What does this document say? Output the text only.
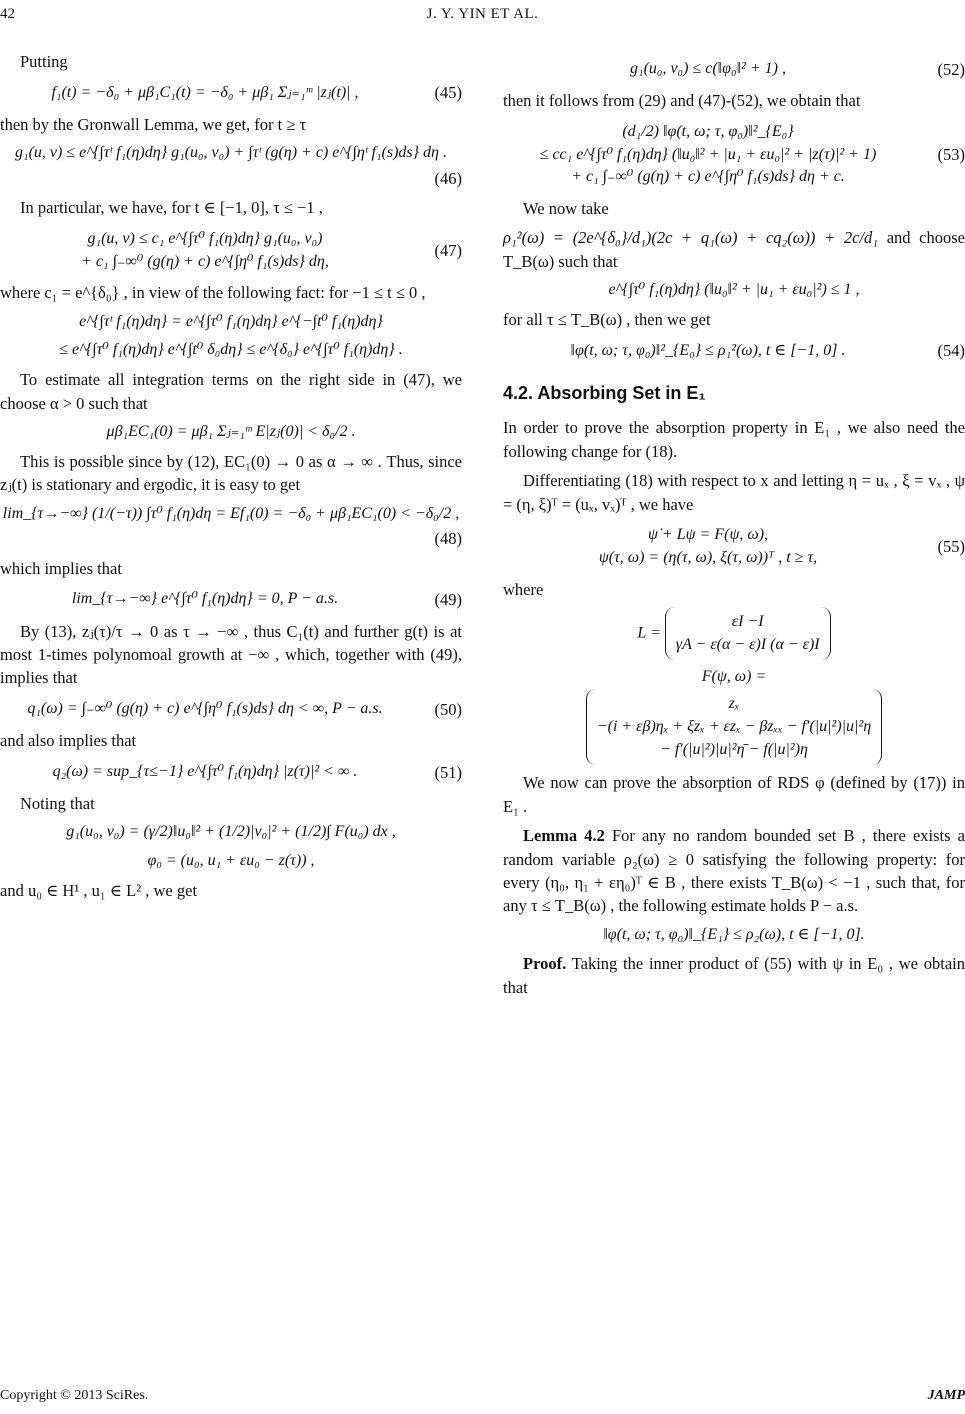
42	J. Y. YIN ET AL.

Putting

f₁(t) = −δ₀ + μβ₁C₁(t) = −δ₀ + μβ₁ Σⱼ₌₁ᵐ |zⱼ(t)| ,	(45)

then by the Gronwall Lemma, we get, for t ≥ τ

g₁(u, v) ≤ e^{∫τᵗ f₁(η)dη} g₁(u₀, v₀) + ∫τᵗ (g(η) + c) e^{∫ηᵗ f₁(s)ds} dη .
(46)

In particular, we have, for t ∈ [−1, 0], τ ≤ −1 ,

g₁(u, v) ≤ c₁ e^{∫τ⁰ f₁(η)dη} g₁(u₀, v₀)
+ c₁ ∫₋∞⁰ (g(η) + c) e^{∫η⁰ f₁(s)ds} dη,
(47)

where c₁ = e^{δ₀} , in view of the following fact: for −1 ≤ t ≤ 0 ,

e^{∫τᵗ f₁(η)dη} = e^{∫τ⁰ f₁(η)dη} e^{−∫t⁰ f₁(η)dη}
≤ e^{∫τ⁰ f₁(η)dη} e^{∫t⁰ δ₀dη} ≤ e^{δ₀} e^{∫τ⁰ f₁(η)dη} .

To estimate all integration terms on the right side in (47), we choose α > 0 such that

μβ₁EC₁(0) = μβ₁ Σⱼ₌₁ᵐ E|zⱼ(0)| < δ₀/2 .

This is possible since by (12), EC₁(0) → 0 as α → ∞ . Thus, since zⱼ(t) is stationary and ergodic, it is easy to get

lim_{τ→−∞} (1/(−τ)) ∫τ⁰ f₁(η)dη = Ef₁(0) = −δ₀ + μβ₁EC₁(0) < −δ₀/2 ,
(48)

which implies that

lim_{τ→−∞} e^{∫τ⁰ f₁(η)dη} = 0, P − a.s.	(49)

By (13), zⱼ(τ)/τ → 0 as τ → −∞ , thus C₁(t) and further g(t) is at most 1-times polynomoal growth at −∞ , which, together with (49), implies that

q₁(ω) = ∫₋∞⁰ (g(η) + c) e^{∫η⁰ f₁(s)ds} dη < ∞, P − a.s.	(50)

and also implies that

q₂(ω) = sup_{τ≤−1} e^{∫τ⁰ f₁(η)dη} |z(τ)|² < ∞ .	(51)

Noting that

g₁(u₀, v₀) = (γ/2)‖u₀‖² + (1/2)|v₀|² + (1/2)∫ F(u₀) dx ,
φ₀ = (u₀, u₁ + εu₀ − z(τ)) ,

and u₀ ∈ H¹ , u₁ ∈ L² , we get

g₁(u₀, v₀) ≤ c(‖φ₀‖² + 1) ,	(52)

then it follows from (29) and (47)-(52), we obtain that

(d₁/2) ‖φ(t, ω; τ, φ₀)‖²_{E₀}
≤ cc₁ e^{∫τ⁰ f₁(η)dη} (‖u₀‖² + |u₁ + εu₀|² + |z(τ)|² + 1)
+ c₁ ∫₋∞⁰ (g(η) + c) e^{∫η⁰ f₁(s)ds} dη + c.
(53)

We now take

ρ₁²(ω) = (2e^{δ₀}/d₁)(2c + q₁(ω) + cq₂(ω)) + 2c/d₁ and choose T_B(ω) such that

e^{∫τ⁰ f₁(η)dη} (‖u₀‖² + |u₁ + εu₀|²) ≤ 1 ,

for all τ ≤ T_B(ω) , then we get

‖φ(t, ω; τ, φ₀)‖²_{E₀} ≤ ρ₁²(ω), t ∈ [−1, 0] .	(54)
4.2. Absorbing Set in E₁

In order to prove the absorption property in E₁ , we also need the following change for (18).

Differentiating (18) with respect to x and letting η = uₓ , ξ = vₓ , ψ = (η, ξ)ᵀ = (uₓ, vₓ)ᵀ , we have

ψ̇ + Lψ = F(ψ, ω),
ψ(τ, ω) = (η(τ, ω), ξ(τ, ω))ᵀ , t ≥ τ,
(55)

where

L =
εI −I
γA − ε(α − ε)I (α − ε)I
F(ψ, ω) =
zₓ
−(i + εβ)ηₓ + ξzₓ + εzₓ − βzₓₓ − f′(|u|²)|u|²η
− f′(|u|²)|u|²η̄ − f(|u|²)η

We now can prove the absorption of RDS φ (defined by (17)) in E₁ .

Lemma 4.2 For any no random bounded set B , there exists a random variable ρ₂(ω) ≥ 0 satisfying the following property: for every (η₀, η₁ + εη₀)ᵀ ∈ B , there exists T_B(ω) < −1 , such that, for any τ ≤ T_B(ω) , the following estimate holds P − a.s.

‖φ(t, ω; τ, φ₀)‖_{E₁} ≤ ρ₂(ω), t ∈ [−1, 0].

Proof. Taking the inner product of (55) with ψ in E₀ , we obtain that

Copyright © 2013 SciRes.	JAMP
